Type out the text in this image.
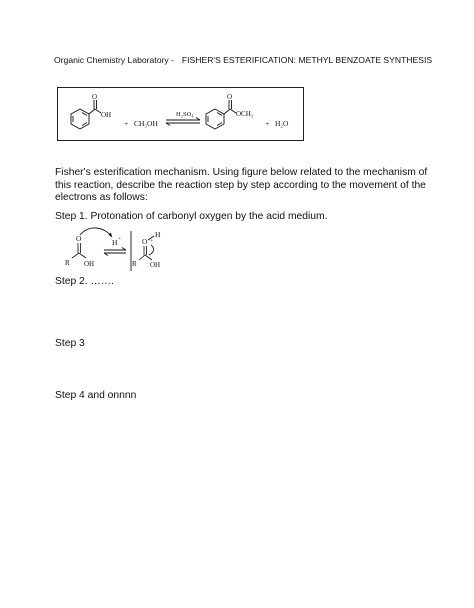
Organic Chemistry Laboratory - FISHER'S ESTERIFICATION: METHYL BENZOATE SYNTHESIS
O
OH
+ CH₃OH
H₂SO₄
O
OCH₃
+ H₂O
Fisher's esterification mechanism. Using figure below related to the mechanism of this reaction, describe the reaction step by step according to the movement of the electrons as follows:
Step 1. Protonation of carbonyl oxygen by the acid medium.
O
R OH
H +	H
O +
R OH
Step 2. …….
Step 3
Step 4 and onnnn
